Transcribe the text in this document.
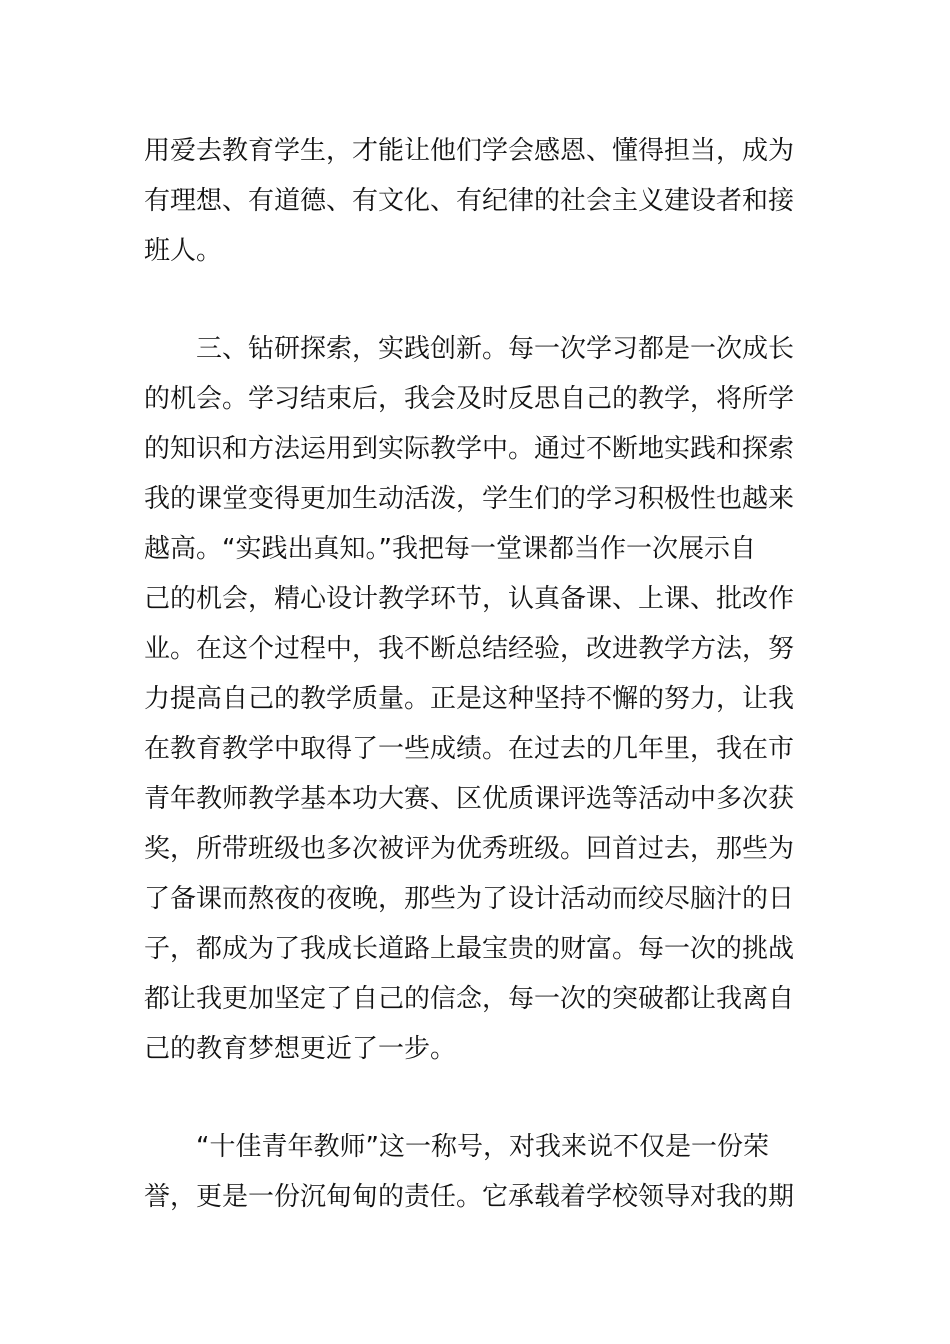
用爱去教育学生，才能让他们学会感恩、懂得担当，成为
有理想、有道德、有文化、有纪律的社会主义建设者和接
班人。
三、钻研探索，实践创新。每一次学习都是一次成长
的机会。学习结束后，我会及时反思自己的教学，将所学
的知识和方法运用到实际教学中。通过不断地实践和探索
我的课堂变得更加生动活泼，学生们的学习积极性也越来
越高。“实践出真知。”我把每一堂课都当作一次展示自
己的机会，精心设计教学环节，认真备课、上课、批改作
业。在这个过程中，我不断总结经验，改进教学方法，努
力提高自己的教学质量。正是这种坚持不懈的努力，让我
在教育教学中取得了一些成绩。在过去的几年里，我在市
青年教师教学基本功大赛、区优质课评选等活动中多次获
奖，所带班级也多次被评为优秀班级。回首过去，那些为
了备课而熬夜的夜晚，那些为了设计活动而绞尽脑汁的日
子，都成为了我成长道路上最宝贵的财富。每一次的挑战
都让我更加坚定了自己的信念，每一次的突破都让我离自
己的教育梦想更近了一步。
“十佳青年教师”这一称号，对我来说不仅是一份荣
誉，更是一份沉甸甸的责任。它承载着学校领导对我的期
